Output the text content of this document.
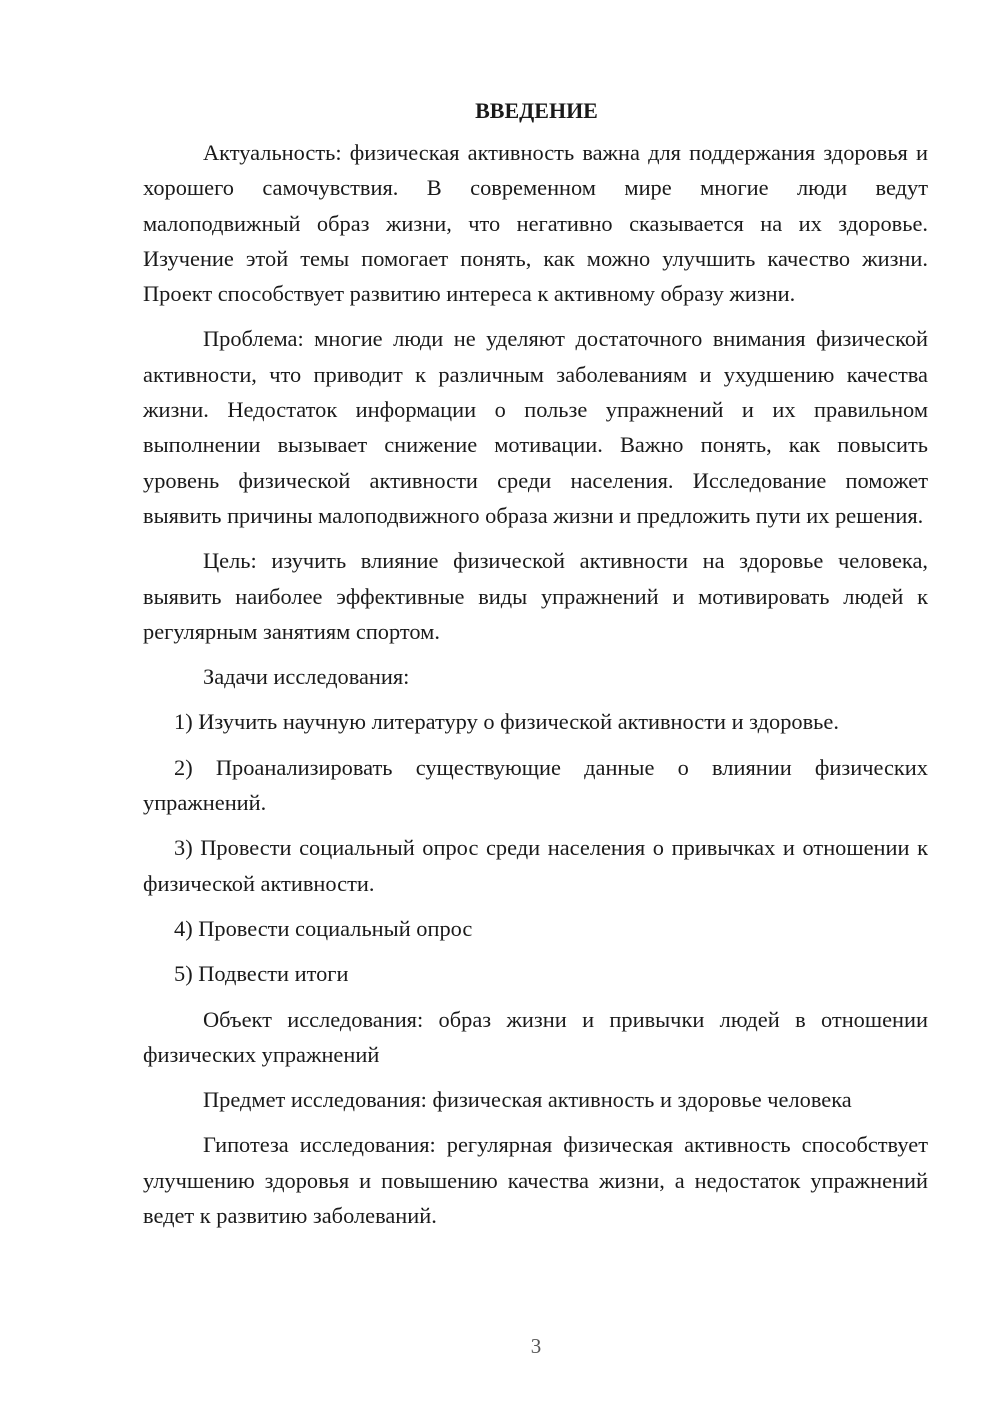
ВВЕДЕНИЕ

Актуальность: физическая активность важна для поддержания здоровья и хорошего самочувствия. В современном мире многие люди ведут малоподвижный образ жизни, что негативно сказывается на их здоровье. Изучение этой темы помогает понять, как можно улучшить качество жизни. Проект способствует развитию интереса к активному образу жизни.

Проблема: многие люди не уделяют достаточного внимания физической активности, что приводит к различным заболеваниям и ухудшению качества жизни. Недостаток информации о пользе упражнений и их правильном выполнении вызывает снижение мотивации. Важно понять, как повысить уровень физической активности среди населения. Исследование поможет выявить причины малоподвижного образа жизни и предложить пути их решения.

Цель: изучить влияние физической активности на здоровье человека, выявить наиболее эффективные виды упражнений и мотивировать людей к регулярным занятиям спортом.

Задачи исследования:

1) Изучить научную литературу о физической активности и здоровье.

2) Проанализировать существующие данные о влиянии физических упражнений.

3) Провести социальный опрос среди населения о привычках и отношении к физической активности.

4) Провести социальный опрос

5) Подвести итоги

Объект исследования: образ жизни и привычки людей в отношении физических упражнений

Предмет исследования: физическая активность и здоровье человека

Гипотеза исследования: регулярная физическая активность способствует улучшению здоровья и повышению качества жизни, а недостаток упражнений ведет к развитию заболеваний.

3
